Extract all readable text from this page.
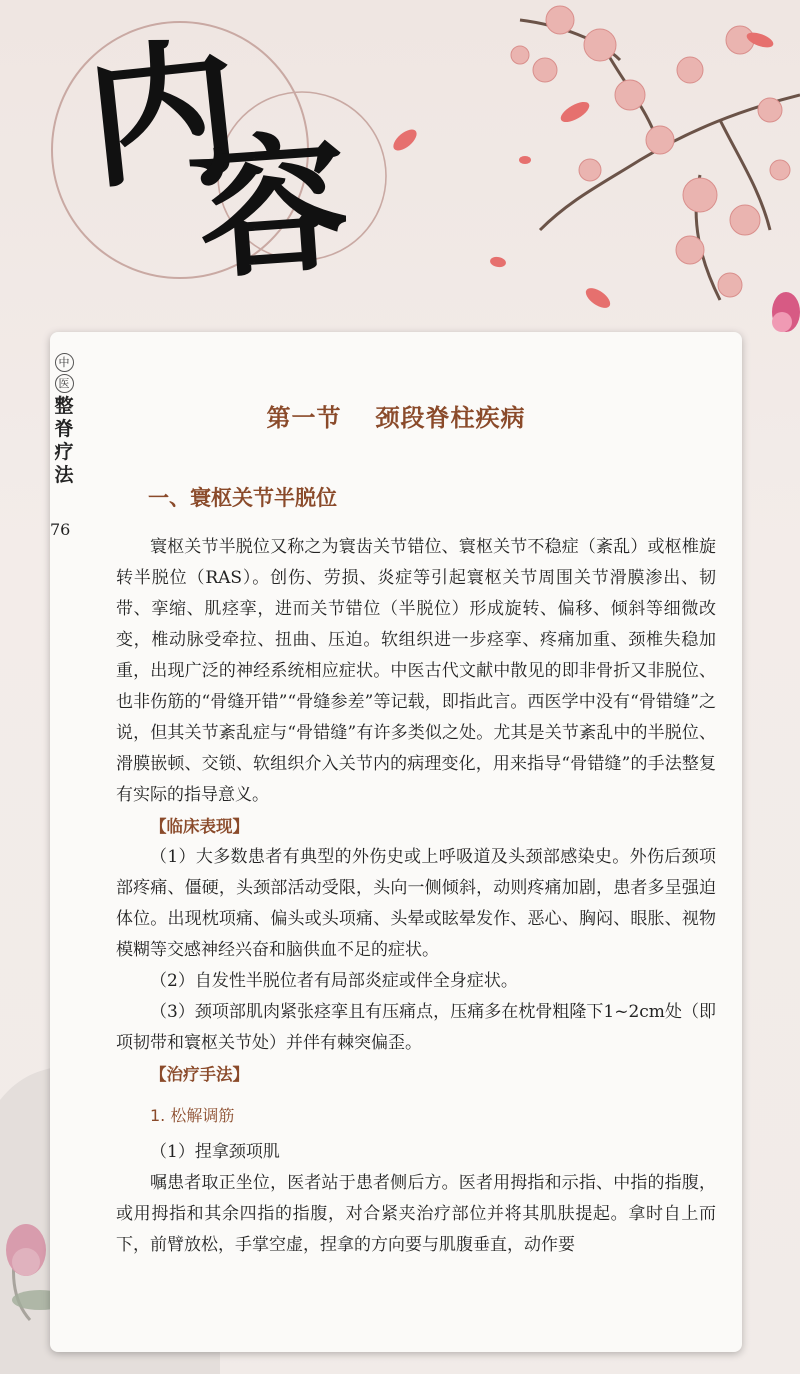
内
容
中
医
整
脊
疗
法
76
第一节 颈段脊柱疾病
一、寰枢关节半脱位

寰枢关节半脱位又称之为寰齿关节错位、寰枢关节不稳症（紊乱）或枢椎旋转半脱位（RAS）。创伤、劳损、炎症等引起寰枢关节周围关节滑膜渗出、韧带、挛缩、肌痉挛，进而关节错位（半脱位）形成旋转、偏移、倾斜等细微改变，椎动脉受牵拉、扭曲、压迫。软组织进一步痉挛、疼痛加重、颈椎失稳加重，出现广泛的神经系统相应症状。中医古代文献中散见的即非骨折又非脱位、也非伤筋的“骨缝开错”“骨缝参差”等记载，即指此言。西医学中没有“骨错缝”之说，但其关节紊乱症与“骨错缝”有许多类似之处。尤其是关节紊乱中的半脱位、滑膜嵌顿、交锁、软组织介入关节内的病理变化，用来指导“骨错缝”的手法整复有实际的指导意义。

【临床表现】

（1）大多数患者有典型的外伤史或上呼吸道及头颈部感染史。外伤后颈项部疼痛、僵硬，头颈部活动受限，头向一侧倾斜，动则疼痛加剧，患者多呈强迫体位。出现枕项痛、偏头或头项痛、头晕或眩晕发作、恶心、胸闷、眼胀、视物模糊等交感神经兴奋和脑供血不足的症状。

（2）自发性半脱位者有局部炎症或伴全身症状。

（3）颈项部肌肉紧张痉挛且有压痛点，压痛多在枕骨粗隆下1~2cm处（即项韧带和寰枢关节处）并伴有棘突偏歪。

【治疗手法】

1. 松解调筋

（1）捏拿颈项肌

嘱患者取正坐位，医者站于患者侧后方。医者用拇指和示指、中指的指腹，或用拇指和其余四指的指腹，对合紧夹治疗部位并将其肌肤提起。拿时自上而下，前臂放松，手掌空虚，捏拿的方向要与肌腹垂直，动作要
